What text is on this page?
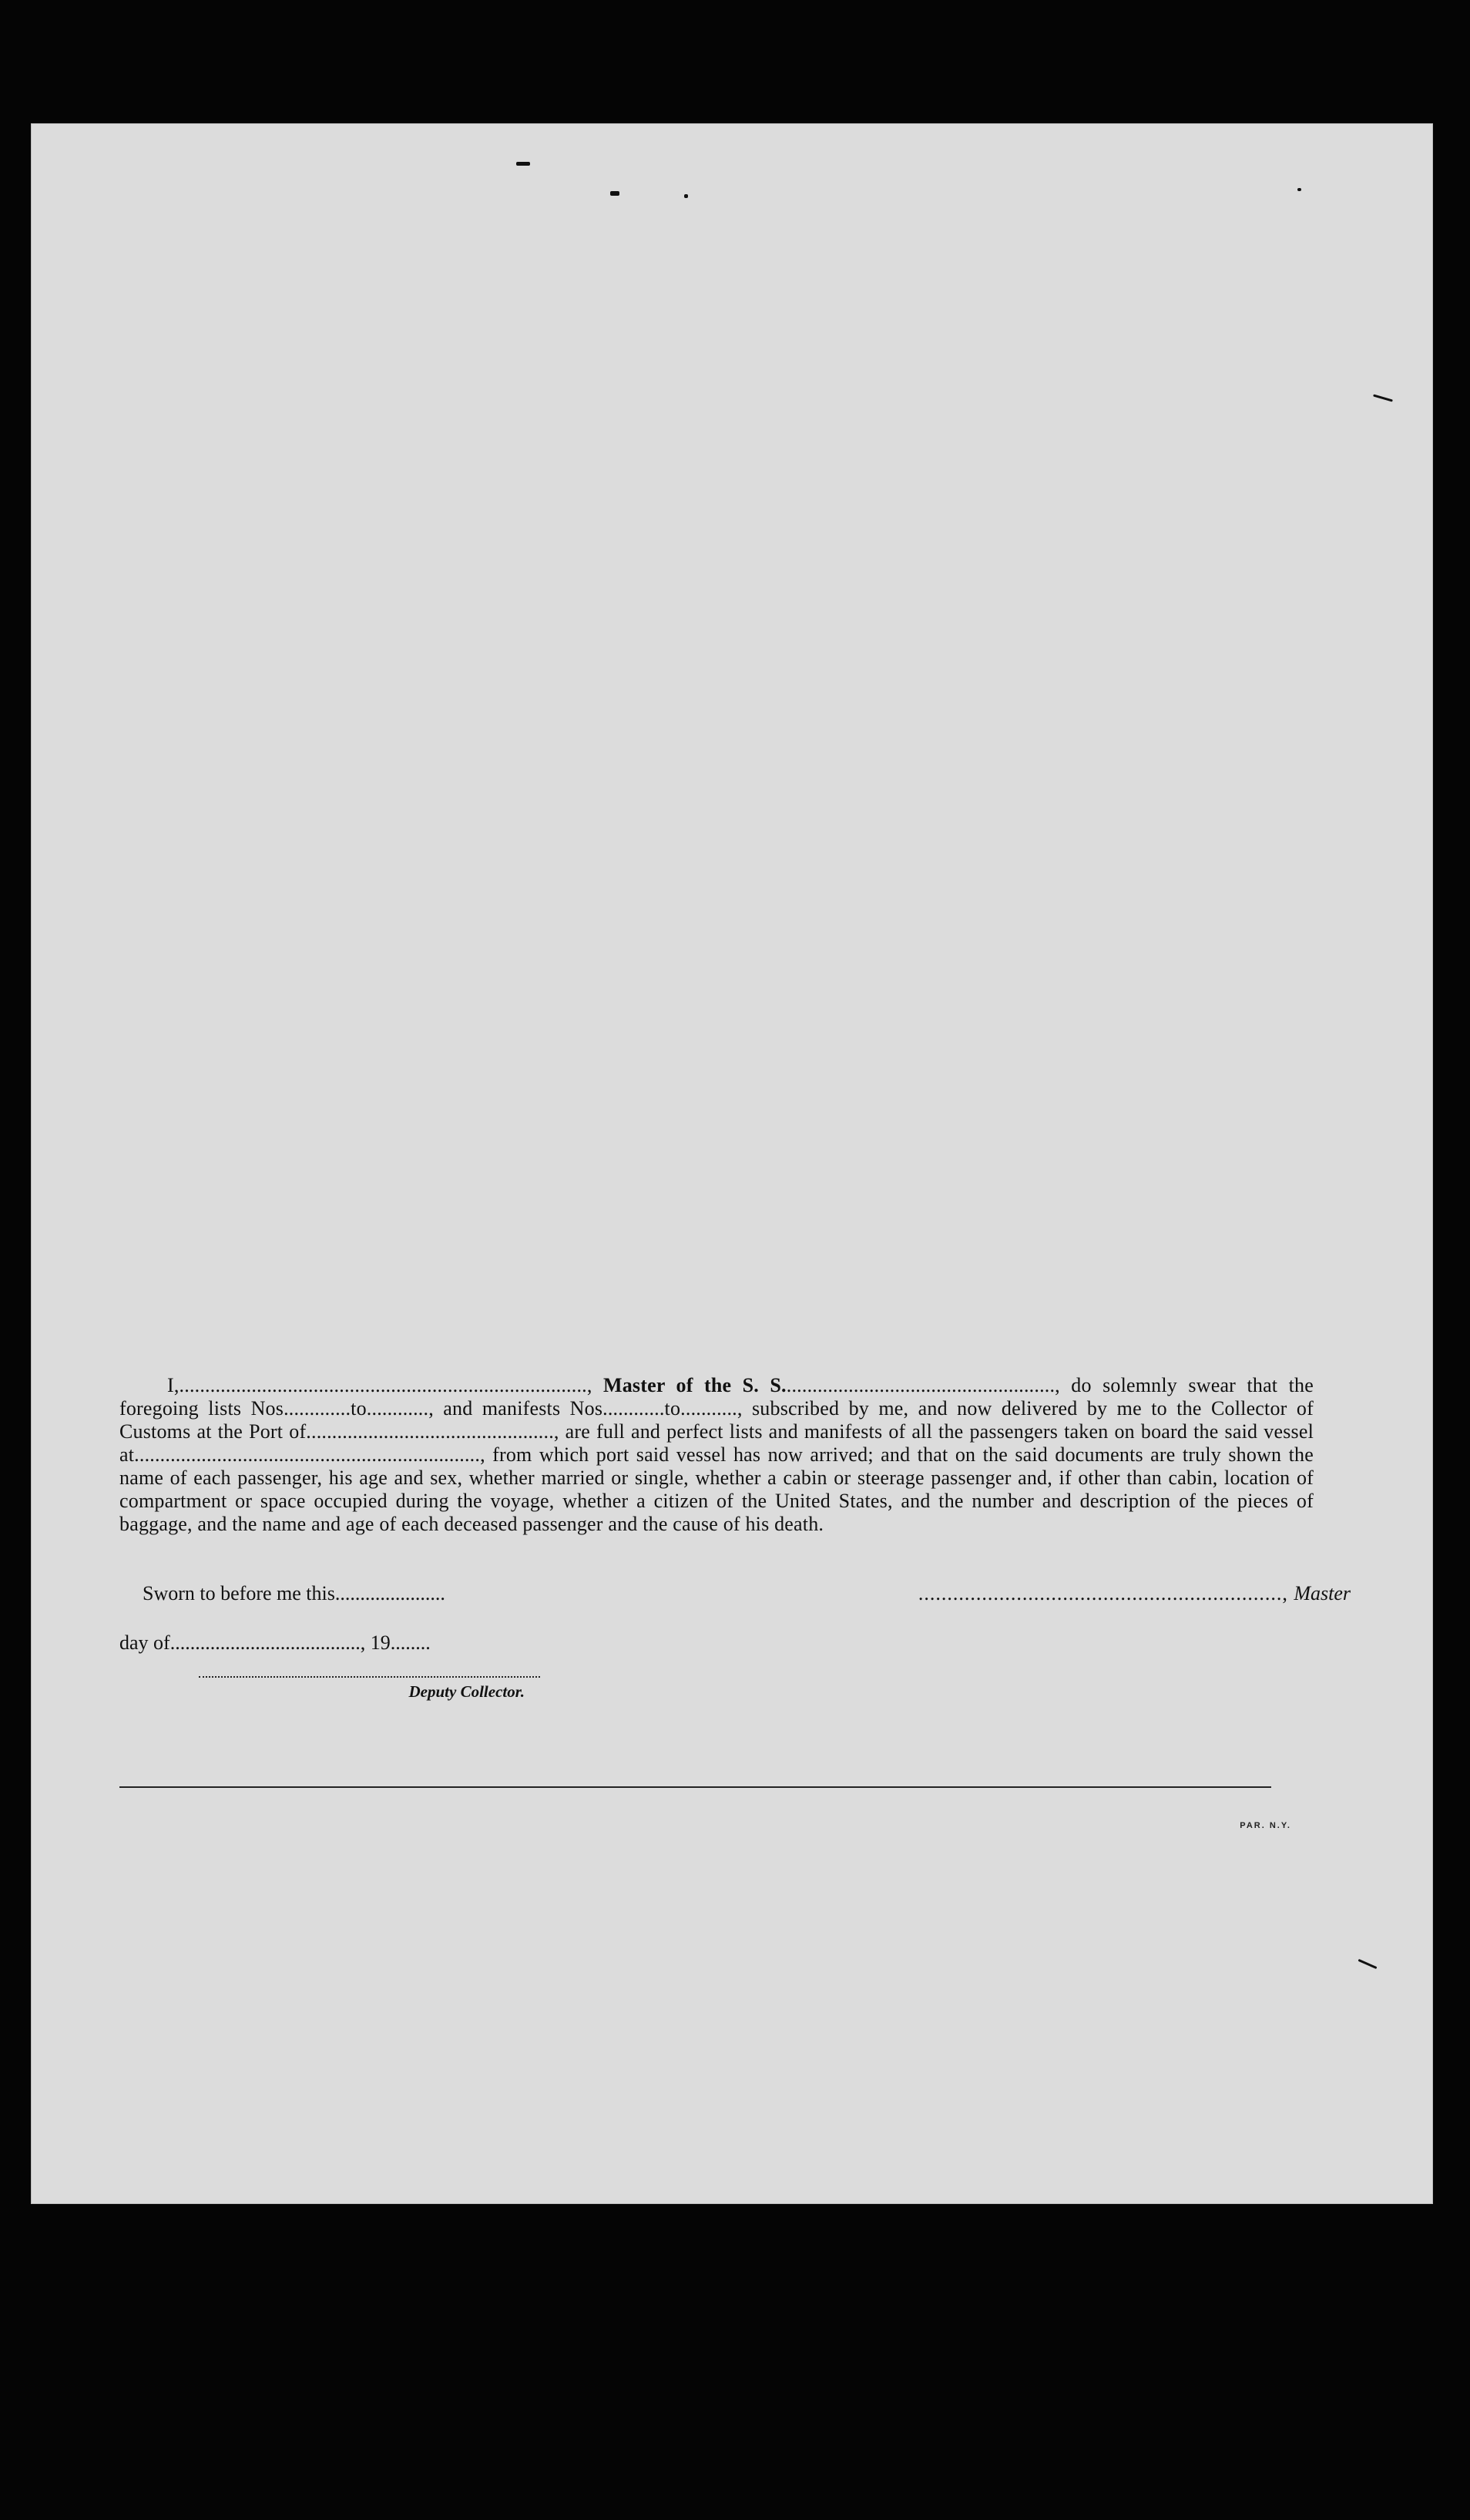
I,..............................................................................., Master of the S. S....................................................., do solemnly swear that the foregoing lists Nos.............to............, and manifests Nos............to..........., subscribed by me, and now delivered by me to the Collector of Customs at the Port of................................................, are full and perfect lists and manifests of all the passengers taken on board the said vessel at..................................................................., from which port said vessel has now arrived; and that on the said documents are truly shown the name of each passenger, his age and sex, whether married or single, whether a cabin or steerage passenger and, if other than cabin, location of compartment or space occupied during the voyage, whether a citizen of the United States, and the number and description of the pieces of baggage, and the name and age of each deceased passenger and the cause of his death.

Sworn to before me this......................	..............................................................., Master
day of......................................, 19........
Deputy Collector.
PAR. N.Y.
